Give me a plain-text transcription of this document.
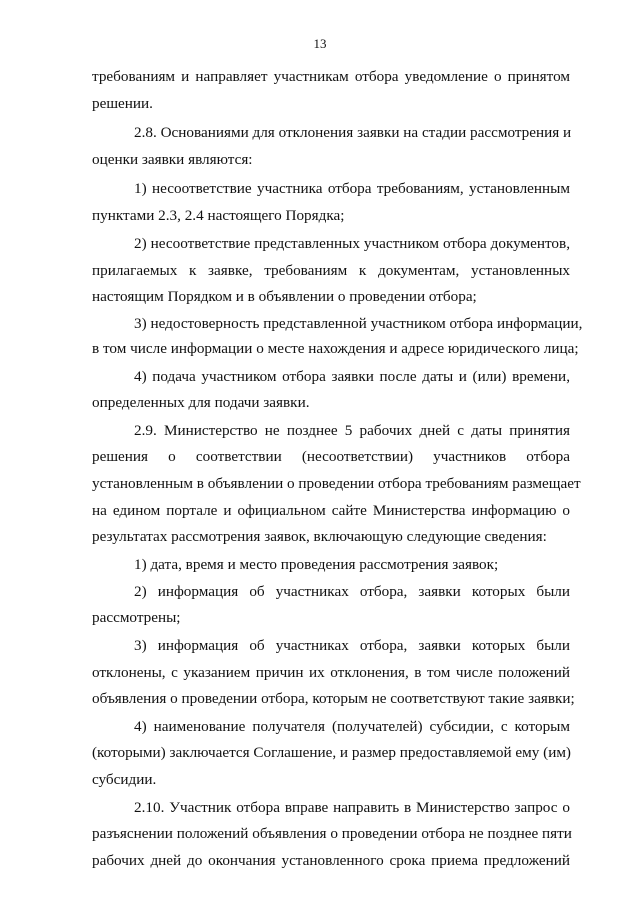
13
требованиям и направляет участникам отбора уведомление о принятом
решении.
2.8. Основаниями для отклонения заявки на стадии рассмотрения и
оценки заявки являются:
1) несоответствие участника отбора требованиям, установленным
пунктами 2.3, 2.4 настоящего Порядка;
2) несоответствие представленных участником отбора документов,
прилагаемых к заявке, требованиям к документам, установленных
настоящим Порядком и в объявлении о проведении отбора;
3) недостоверность представленной участником отбора информации,
в том числе информации о месте нахождения и адресе юридического лица;
4) подача участником отбора заявки после даты и (или) времени,
определенных для подачи заявки.
2.9. Министерство не позднее 5 рабочих дней с даты принятия
решения о соответствии (несоответствии) участников отбора
установленным в объявлении о проведении отбора требованиям размещает
на едином портале и официальном сайте Министерства информацию о
результатах рассмотрения заявок, включающую следующие сведения:
1) дата, время и место проведения рассмотрения заявок;
2) информация об участниках отбора, заявки которых были
рассмотрены;
3) информация об участниках отбора, заявки которых были
отклонены, с указанием причин их отклонения, в том числе положений
объявления о проведении отбора, которым не соответствуют такие заявки;
4) наименование получателя (получателей) субсидии, с которым
(которыми) заключается Соглашение, и размер предоставляемой ему (им)
субсидии.
2.10. Участник отбора вправе направить в Министерство запрос о
разъяснении положений объявления о проведении отбора не позднее пяти
рабочих дней до окончания установленного срока приема предложений
